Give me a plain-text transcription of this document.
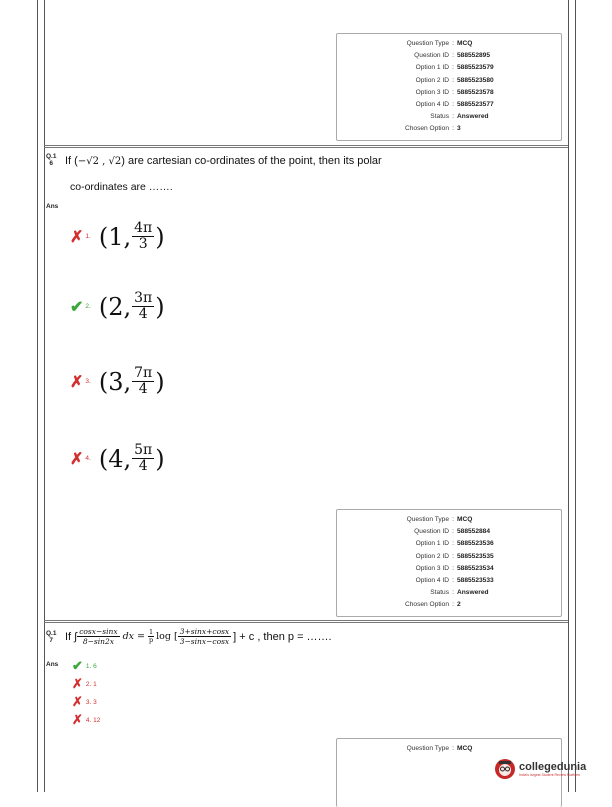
Question Type : MCQ
Question ID : 588552895
Option 1 ID : 5885523579
Option 2 ID : 5885523580
Option 3 ID : 5885523578
Option 4 ID : 5885523577
Status : Answered
Chosen Option : 3
Q.1
6	If (−√2 , √2) are cartesian co-ordinates of the point, then its polar
co-ordinates are …….
Ans
✗ 1. (1, $\frac{4\pi}{3}$ )
✔ 2. (2, $\frac{3\pi}{4}$ )
✗ 3. (3, $\frac{7\pi}{4}$ )
✗ 4. (4, $\frac{5\pi}{4}$ )
Question Type : MCQ
Question ID : 588552884
Option 1 ID : 5885523536
Option 2 ID : 5885523535
Option 3 ID : 5885523534
Option 4 ID : 5885523533
Status : Answered
Chosen Option : 2
Q.1
7	If ∫ $\frac{\cos x-\sin x}{8-\sin 2x}$ dx = $\frac{1}{p}$ log [ $\frac{3+\sin x+\cos x}{3-\sin x-\cos x}$ ] + c , then p = …….
Ans ✔ 1. 6
✗ 2. 1
✗ 3. 3
✗ 4. 12
Question Type : MCQ
collegedunia
India's largest Student Review Platform
